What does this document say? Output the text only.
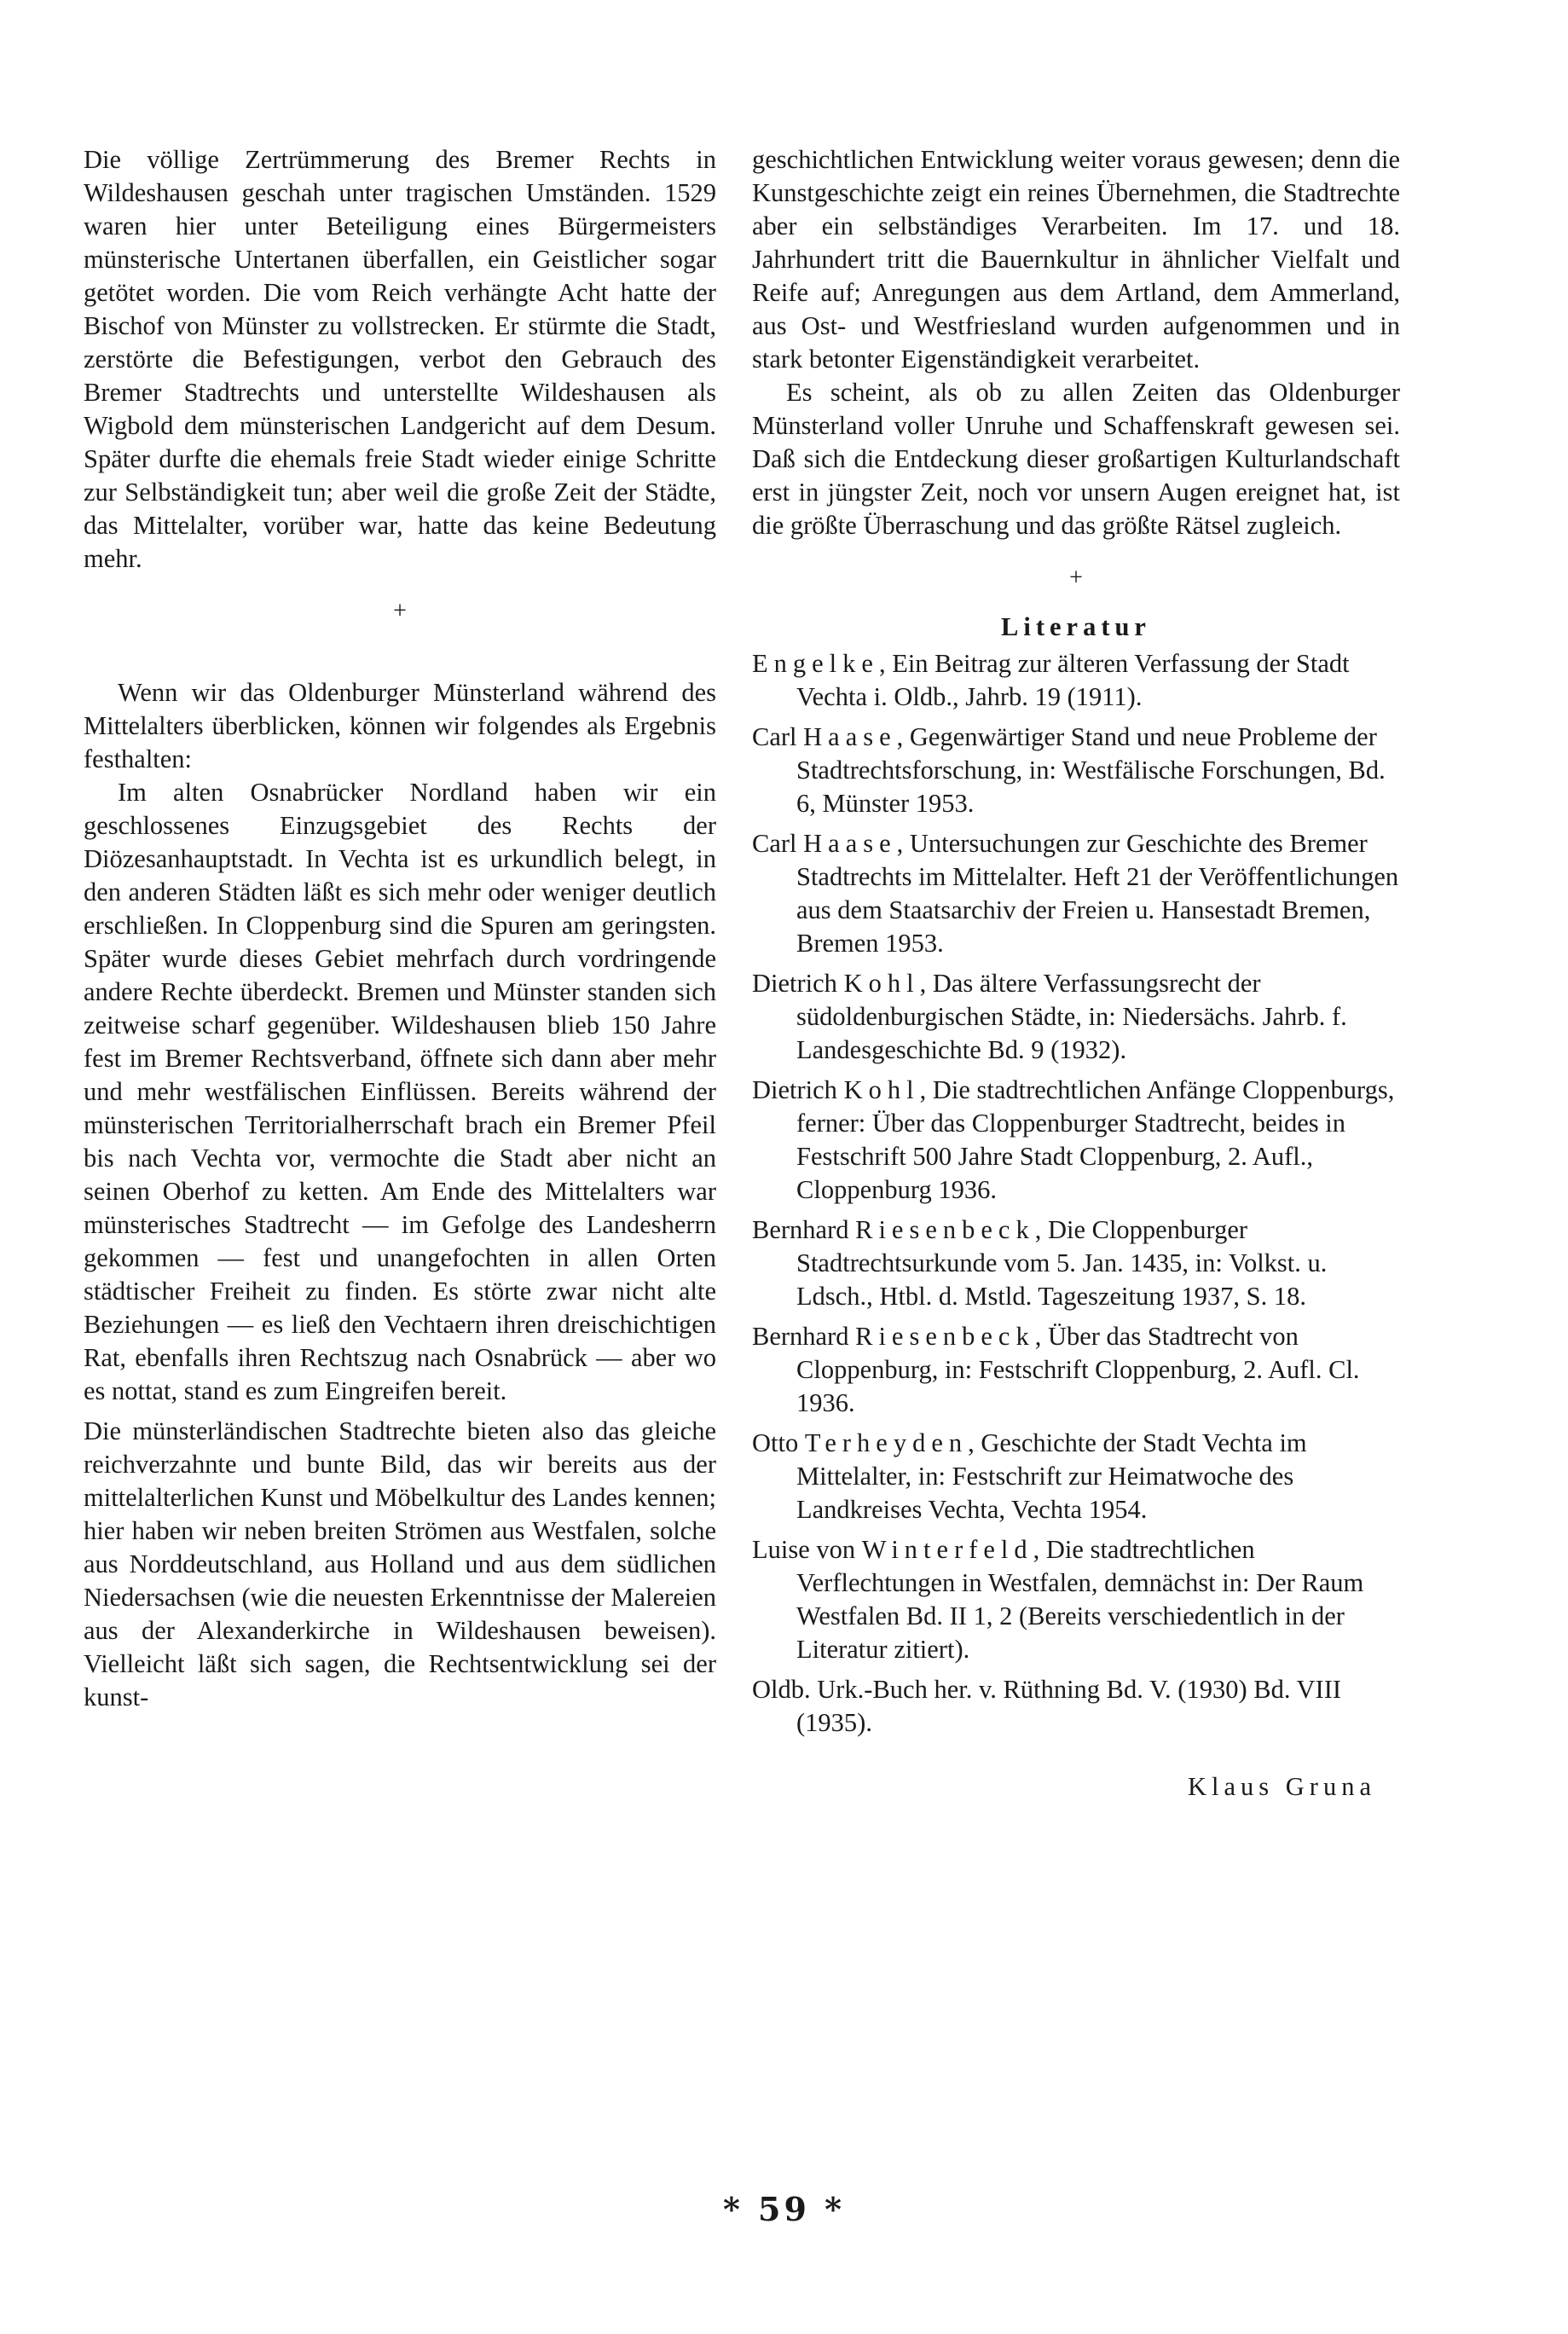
Die völlige Zertrümmerung des Bremer Rechts in Wildeshausen geschah unter tragischen Umständen. 1529 waren hier unter Beteiligung eines Bürgermeisters münsterische Untertanen überfallen, ein Geistlicher sogar getötet worden. Die vom Reich verhängte Acht hatte der Bischof von Münster zu vollstrecken. Er stürmte die Stadt, zerstörte die Befestigungen, verbot den Gebrauch des Bremer Stadtrechts und unterstellte Wildeshausen als Wigbold dem münsterischen Landgericht auf dem Desum. Später durfte die ehemals freie Stadt wieder einige Schritte zur Selbständigkeit tun; aber weil die große Zeit der Städte, das Mittelalter, vorüber war, hatte das keine Bedeutung mehr.

+

Wenn wir das Oldenburger Münsterland während des Mittelalters überblicken, können wir folgendes als Ergebnis festhalten:

Im alten Osnabrücker Nordland haben wir ein geschlossenes Einzugsgebiet des Rechts der Diözesanhauptstadt. In Vechta ist es urkundlich belegt, in den anderen Städten läßt es sich mehr oder weniger deutlich erschließen. In Cloppenburg sind die Spuren am geringsten. Später wurde dieses Gebiet mehrfach durch vordringende andere Rechte überdeckt. Bremen und Münster standen sich zeitweise scharf gegenüber. Wildeshausen blieb 150 Jahre fest im Bremer Rechtsverband, öffnete sich dann aber mehr und mehr westfälischen Einflüssen. Bereits während der münsterischen Territorialherrschaft brach ein Bremer Pfeil bis nach Vechta vor, vermochte die Stadt aber nicht an seinen Oberhof zu ketten. Am Ende des Mittelalters war münsterisches Stadtrecht — im Gefolge des Landesherrn gekommen — fest und unangefochten in allen Orten städtischer Freiheit zu finden. Es störte zwar nicht alte Beziehungen — es ließ den Vechtaern ihren dreischichtigen Rat, ebenfalls ihren Rechtszug nach Osnabrück — aber wo es nottat, stand es zum Eingreifen bereit.

Die münsterländischen Stadtrechte bieten also das gleiche reichverzahnte und bunte Bild, das wir bereits aus der mittelalterlichen Kunst und Möbelkultur des Landes kennen; hier haben wir neben breiten Strömen aus Westfalen, solche aus Norddeutschland, aus Holland und aus dem südlichen Niedersachsen (wie die neuesten Erkenntnisse der Malereien aus der Alexanderkirche in Wildeshausen beweisen). Vielleicht läßt sich sagen, die Rechtsentwicklung sei der kunst-

geschichtlichen Entwicklung weiter voraus gewesen; denn die Kunstgeschichte zeigt ein reines Übernehmen, die Stadtrechte aber ein selbständiges Verarbeiten. Im 17. und 18. Jahrhundert tritt die Bauernkultur in ähnlicher Vielfalt und Reife auf; Anregungen aus dem Artland, dem Ammerland, aus Ost- und Westfriesland wurden aufgenommen und in stark betonter Eigenständigkeit verarbeitet.

Es scheint, als ob zu allen Zeiten das Oldenburger Münsterland voller Unruhe und Schaffenskraft gewesen sei. Daß sich die Entdeckung dieser großartigen Kulturlandschaft erst in jüngster Zeit, noch vor unsern Augen ereignet hat, ist die größte Überraschung und das größte Rätsel zugleich.

+
Literatur

Engelke, Ein Beitrag zur älteren Verfassung der Stadt Vechta i. Oldb., Jahrb. 19 (1911).

Carl Haase, Gegenwärtiger Stand und neue Probleme der Stadtrechtsforschung, in: Westfälische Forschungen, Bd. 6, Münster 1953.

Carl Haase, Untersuchungen zur Geschichte des Bremer Stadtrechts im Mittelalter. Heft 21 der Veröffentlichungen aus dem Staatsarchiv der Freien u. Hansestadt Bremen, Bremen 1953.

Dietrich Kohl, Das ältere Verfassungsrecht der südoldenburgischen Städte, in: Niedersächs. Jahrb. f. Landesgeschichte Bd. 9 (1932).

Dietrich Kohl, Die stadtrechtlichen Anfänge Cloppenburgs, ferner: Über das Cloppenburger Stadtrecht, beides in Festschrift 500 Jahre Stadt Cloppenburg, 2. Aufl., Cloppenburg 1936.

Bernhard Riesenbeck, Die Cloppenburger Stadtrechtsurkunde vom 5. Jan. 1435, in: Volkst. u. Ldsch., Htbl. d. Mstld. Tageszeitung 1937, S. 18.

Bernhard Riesenbeck, Über das Stadtrecht von Cloppenburg, in: Festschrift Cloppenburg, 2. Aufl. Cl. 1936.

Otto Terheyden, Geschichte der Stadt Vechta im Mittelalter, in: Festschrift zur Heimatwoche des Landkreises Vechta, Vechta 1954.

Luise von Winterfeld, Die stadtrechtlichen Verflechtungen in Westfalen, demnächst in: Der Raum Westfalen Bd. II 1, 2 (Bereits verschiedentlich in der Literatur zitiert).

Oldb. Urk.-Buch her. v. Rüthning Bd. V. (1930) Bd. VIII (1935).

Klaus Gruna
* 59 *
